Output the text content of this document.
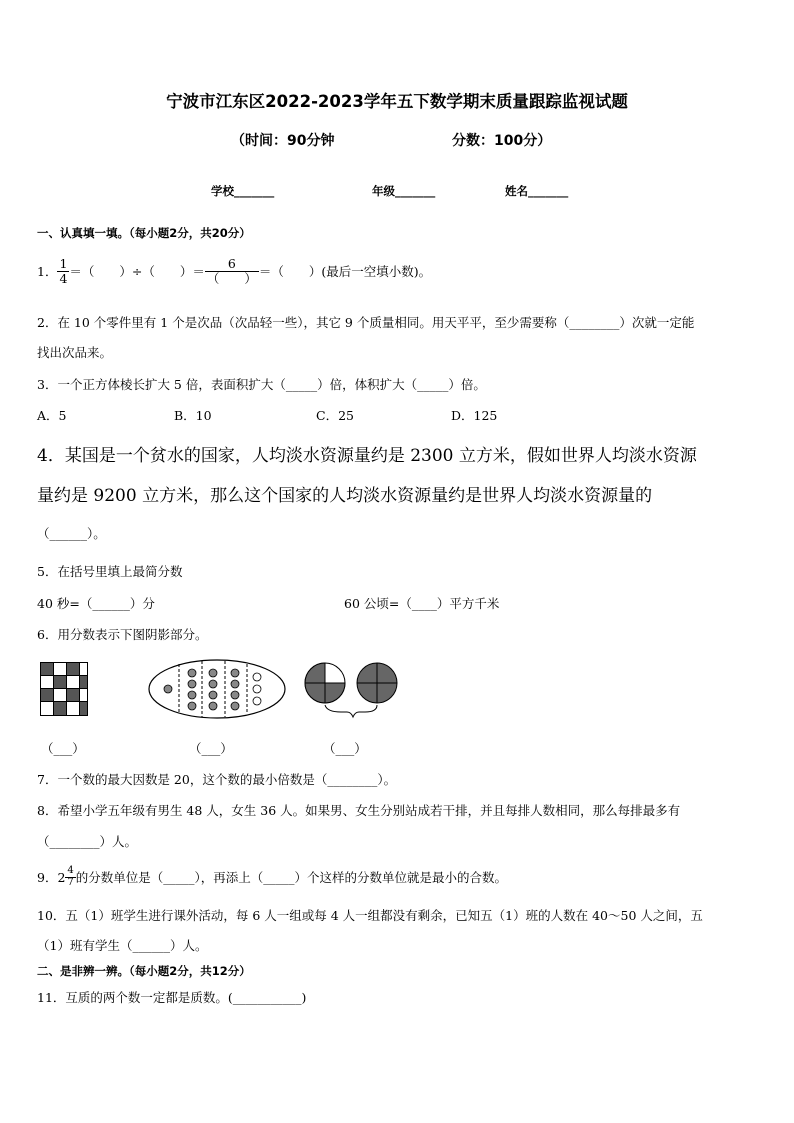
宁波市江东区2022-2023学年五下数学期末质量跟踪监视试题
（时间：90分钟	分数：100分）
学校_______	年级_______	姓名_______
一、认真填一填。（每小题2分，共20分）
1． $\frac{1}{4}$ ＝（　　）÷（　　）＝ $\frac{6}{( )}$ ＝（　　）(最后一空填小数)。
2．在 10 个零件里有 1 个是次品（次品轻一些），其它 9 个质量相同。用天平平，至少需要称（________）次就一定能
找出次品来。
3．一个正方体棱长扩大 5 倍，表面积扩大（_____）倍，体积扩大（_____）倍。
A．5	B．10	C．25	D．125
4．某国是一个贫水的国家，人均淡水资源量约是 2300 立方米，假如世界人均淡水资源
量约是 9200 立方米，那么这个国家的人均淡水资源量约是世界人均淡水资源量的
（______）。
5．在括号里填上最简分数
40 秒=（______）分	60 公顷=（____）平方千米
6．用分数表示下图阴影部分。
（___）	（___）	（___）
7．一个数的最大因数是 20，这个数的最小倍数是（________）。
8．希望小学五年级有男生 48 人，女生 36 人。如果男、女生分别站成若干排，并且每排人数相同，那么每排最多有
（________）人。
9． $2 \frac{4}{7}$ 的分数单位是（_____），再添上（_____）个这样的分数单位就是最小的合数。
10．五（1）班学生进行课外活动，每 6 人一组或每 4 人一组都没有剩余，已知五（1）班的人数在 40～50 人之间，五
（1）班有学生（______）人。
二、是非辨一辨。（每小题2分，共12分）
11．互质的两个数一定都是质数。(___________)
